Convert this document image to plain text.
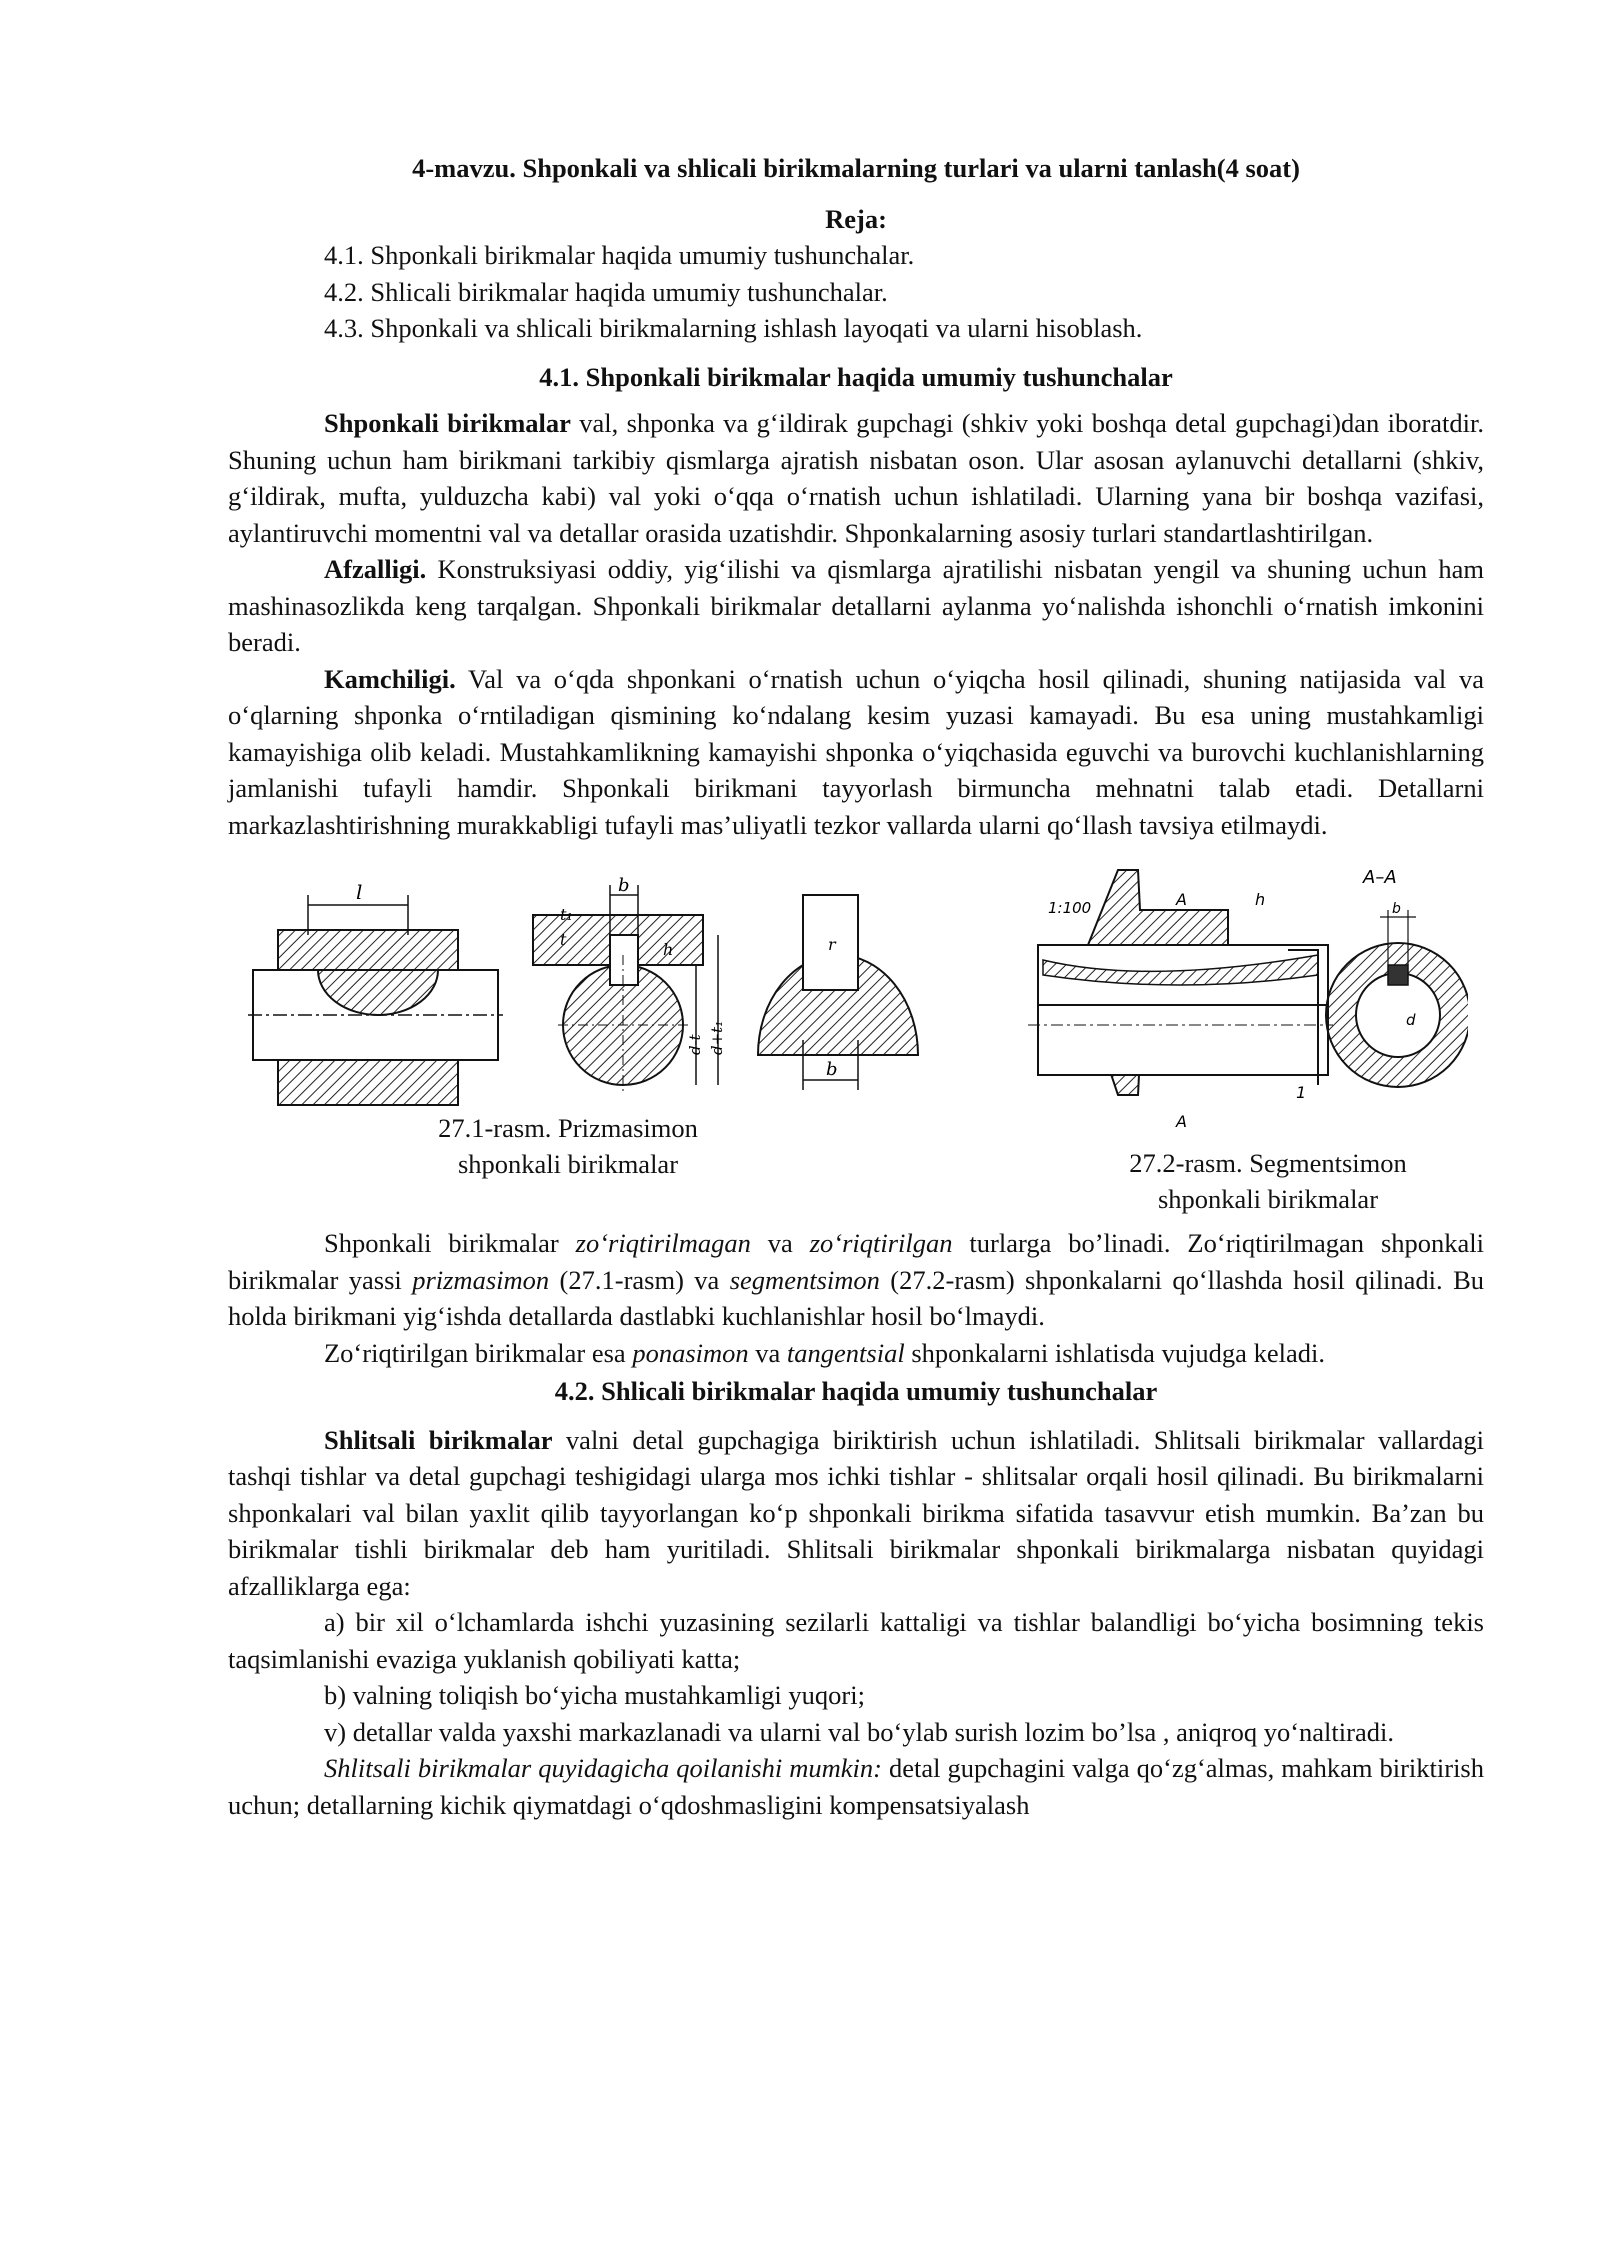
4-mavzu. Shponkali va shlicali birikmalarning turlari va ularni tanlash(4 soat)
Reja:
4.1. Shponkali birikmalar haqida umumiy tushunchalar.
4.2. Shlicali birikmalar haqida umumiy tushunchalar.
4.3. Shponkali va shlicali birikmalarning ishlash layoqati va ularni hisoblash.
4.1. Shponkali birikmalar haqida umumiy tushunchalar

Shponkali birikmalar val, shponka va g‘ildirak gupchagi (shkiv yoki boshqa detal gupchagi)dan iboratdir. Shuning uchun ham birikmani tarkibiy qismlarga ajratish nisbatan oson. Ular asosan aylanuvchi detallarni (shkiv, g‘ildirak, mufta, yulduzcha kabi) val yoki o‘qqa o‘rnatish uchun ishlatiladi. Ularning yana bir boshqa vazifasi, aylantiruvchi momentni val va detallar orasida uzatishdir. Shponkalarning asosiy turlari standartlashtirilgan.

Afzalligi. Konstruksiyasi oddiy, yig‘ilishi va qismlarga ajratilishi nisbatan yengil va shuning uchun ham mashinasozlikda keng tarqalgan. Shponkali birikmalar detallarni aylanma yo‘nalishda ishonchli o‘rnatish imkonini beradi.

Kamchiligi. Val va o‘qda shponkani o‘rnatish uchun o‘yiqcha hosil qilinadi, shuning natijasida val va o‘qlarning shponka o‘rntiladigan qismining ko‘ndalang kesim yuzasi kamayadi. Bu esa uning mustahkamligi kamayishiga olib keladi. Mustahkamlikning kamayishi shponka o‘yiqchasida eguvchi va burovchi kuchlanishlarning jamlanishi tufayli hamdir. Shponkali birikmani tayyorlash birmuncha mehnatni talab etadi. Detallarni markazlashtirishning murakkabligi tufayli mas’uliyatli tezkor vallarda ularni qo‘llash tavsiya etilmaydi.

l	b
t
t₁
h
d-t d+t₁
b
r
1:100
A–A
A
A
h
1
b
d
27.1-rasm. Prizmasimon
shponkali birikmalar	27.2-rasm. Segmentsimon
shponkali birikmalar

Shponkali birikmalar zo‘riqtirilmagan va zo‘riqtirilgan turlarga bo’linadi. Zo‘riqtirilmagan shponkali birikmalar yassi prizmasimon (27.1-rasm) va segmentsimon (27.2-rasm) shponkalarni qo‘llashda hosil qilinadi. Bu holda birikmani yig‘ishda detallarda dastlabki kuchlanishlar hosil bo‘lmaydi.

Zo‘riqtirilgan birikmalar esa ponasimon va tangentsial shponkalarni ishlatisda vujudga keladi.

4.2. Shlicali birikmalar haqida umumiy tushunchalar

Shlitsali birikmalar valni detal gupchagiga biriktirish uchun ishlatiladi. Shlitsali birikmalar vallardagi tashqi tishlar va detal gupchagi teshigidagi ularga mos ichki tishlar - shlitsalar orqali hosil qilinadi. Bu birikmalarni shponkalari val bilan yaxlit qilib tayyorlangan ko‘p shponkali birikma sifatida tasavvur etish mumkin. Ba’zan bu birikmalar tishli birikmalar deb ham yuritiladi. Shlitsali birikmalar shponkali birikmalarga nisbatan quyidagi afzalliklarga ega:

a) bir xil o‘lchamlarda ishchi yuzasining sezilarli kattaligi va tishlar balandligi bo‘yicha bosimning tekis taqsimlanishi evaziga yuklanish qobiliyati katta;

b) valning toliqish bo‘yicha mustahkamligi yuqori;

v) detallar valda yaxshi markazlanadi va ularni val bo‘ylab surish lozim bo’lsa , aniqroq yo‘naltiradi.

Shlitsali birikmalar quyidagicha qoilanishi mumkin: detal gupchagini valga qo‘zg‘almas, mahkam biriktirish uchun; detallarning kichik qiymatdagi o‘qdoshmasligini kompensatsiyalash
